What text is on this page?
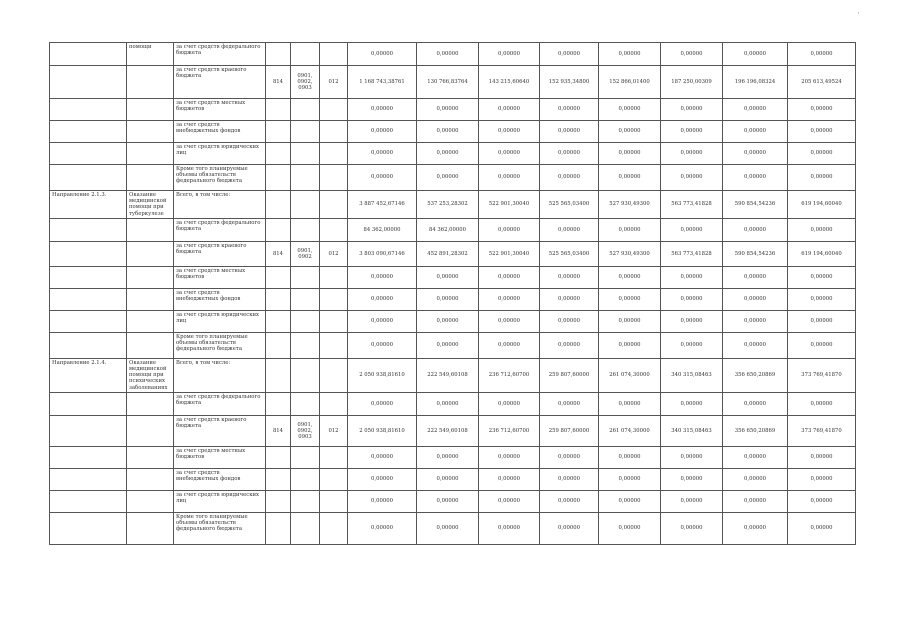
'
-
	помощи	за счет средств федерального бюджета				0,00000	0,00000	0,00000	0,00000	0,00000	0,00000	0,00000	0,00000
		за счет средств краевого бюджета	814	0901, 0902, 0903	012	1 168 743,38761	130 766,83764	143 215,60640	152 935,34800	152 866,01400	187 250,00309	196 196,08324	205 613,49524
		за счет средств местных бюджетов				0,00000	0,00000	0,00000	0,00000	0,00000	0,00000	0,00000	0,00000
		за счет средств внебюджетных фондов				0,00000	0,00000	0,00000	0,00000	0,00000	0,00000	0,00000	0,00000
		за счет средств юридических лиц				0,00000	0,00000	0,00000	0,00000	0,00000	0,00000	0,00000	0,00000
		Кроме того планируемые объемы обязательств федерального бюджета				0,00000	0,00000	0,00000	0,00000	0,00000	0,00000	0,00000	0,00000
Направление 2.1.3.	Оказание медицинской помощи при туберкулезе	Всего, в том числе:				3 887 452,67146	537 253,28302	522 901,30040	525 565,03400	527 930,49300	563 773,41828	590 854,54236	619 194,60040
		за счет средств федерального бюджета				84 362,00000	84 362,00000	0,00000	0,00000	0,00000	0,00000	0,00000	0,00000
		за счет средств краевого бюджета	814	0901, 0902	012	3 803 090,67146	452 891,28302	522 901,30040	525 565,03400	527 930,49300	563 773,41828	590 854,54236	619 194,60040
		за счет средств местных бюджетов				0,00000	0,00000	0,00000	0,00000	0,00000	0,00000	0,00000	0,00000
		за счет средств внебюджетных фондов				0,00000	0,00000	0,00000	0,00000	0,00000	0,00000	0,00000	0,00000
		за счет средств юридических лиц				0,00000	0,00000	0,00000	0,00000	0,00000	0,00000	0,00000	0,00000
		Кроме того планируемые объемы обязательств федерального бюджета				0,00000	0,00000	0,00000	0,00000	0,00000	0,00000	0,00000	0,00000
Направление 2.1.4.	Оказание медицинской помощи при психических заболеваниях	Всего, в том числе:				2 050 938,81610	222 549,60108	236 712,60700	259 807,60000	261 074,30000	340 315,08463	356 650,20869	373 769,41870
		за счет средств федерального бюджета				0,00000	0,00000	0,00000	0,00000	0,00000	0,00000	0,00000	0,00000
		за счет средств краевого бюджета	814	0901, 0902, 0903	012	2 050 938,81610	222 549,60108	236 712,60700	259 807,60000	261 074,30000	340 315,08463	356 650,20869	373 769,41870
		за счет средств местных бюджетов				0,00000	0,00000	0,00000	0,00000	0,00000	0,00000	0,00000	0,00000
		за счет средств внебюджетных фондов				0,00000	0,00000	0,00000	0,00000	0,00000	0,00000	0,00000	0,00000
		за счет средств юридических лиц				0,00000	0,00000	0,00000	0,00000	0,00000	0,00000	0,00000	0,00000
		Кроме того планируемые объемы обязательств федерального бюджета				0,00000	0,00000	0,00000	0,00000	0,00000	0,00000	0,00000	0,00000
